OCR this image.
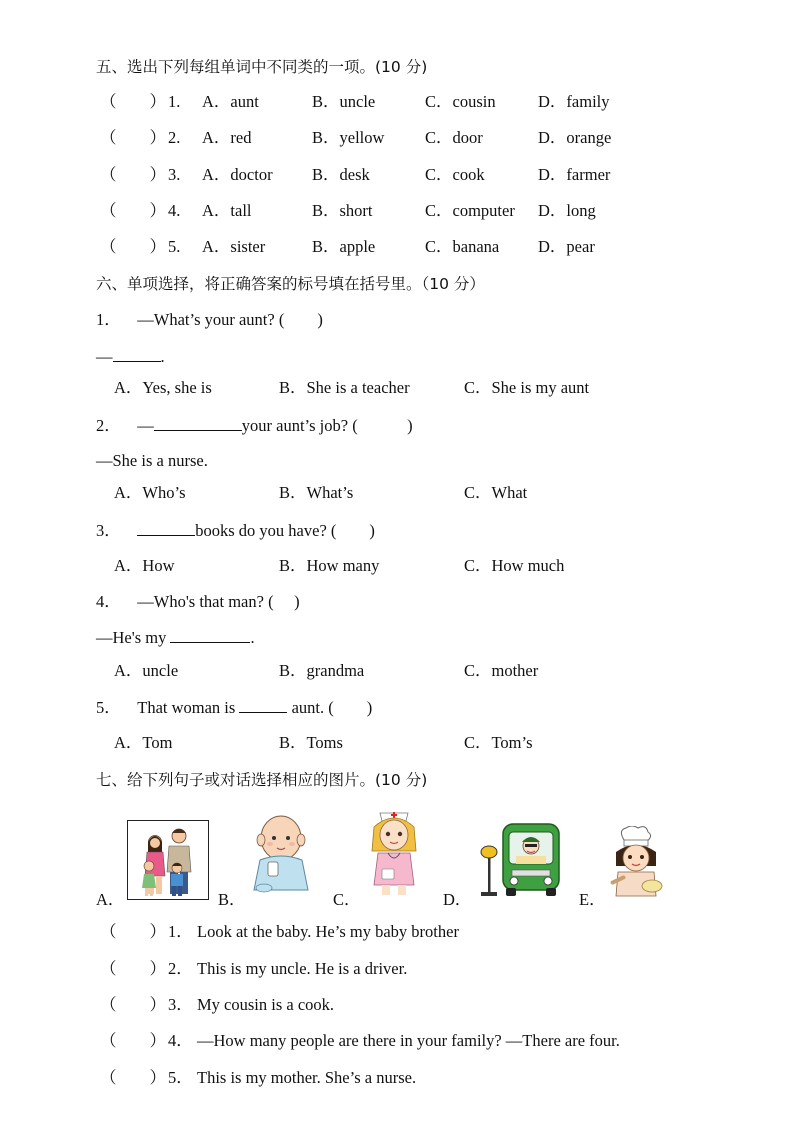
五、选出下列每组单词中不同类的一项。(10 分)
（　　） 1. A．aunt	B．uncle	C．cousin	D．family
（　　） 2. A．red	B．yellow C．door	D．orange
（　　） 3. A．doctor B．desk	C．cook	D．farmer
（　　） 4. A．tall	B．short	C．computer D．long
（　　） 5. A．sister	B．apple	C．banana D．pear
六、单项选择，将正确答案的标号填在括号里。（10 分）
1． —What’s your aunt? (　　)
—	.
A．Yes, she is	B．She is a teacher	C．She is my aunt
2． —	your aunt’s job? (　　　)
—She is a nurse.
A．Who’s	B．What’s	C．What
3．	books do you have? (　　)
A．How	B．How many	C．How much
4． —Who's that man? (　 )
—He's my	.
A．uncle	B．grandma	C．mother
5． That woman is	aunt. (　　)
A．Tom	B．Toms	C．Tom’s
七、给下列句子或对话选择相应的图片。(10 分)
A．	B．	C．	D．	E．
（　　） 1． Look at the baby. He’s my baby brother
（　　） 2． This is my uncle. He is a driver.
（　　） 3． My cousin is a cook.
（　　） 4． —How many people are there in your family? —There are four.
（　　） 5． This is my mother. She’s a nurse.
